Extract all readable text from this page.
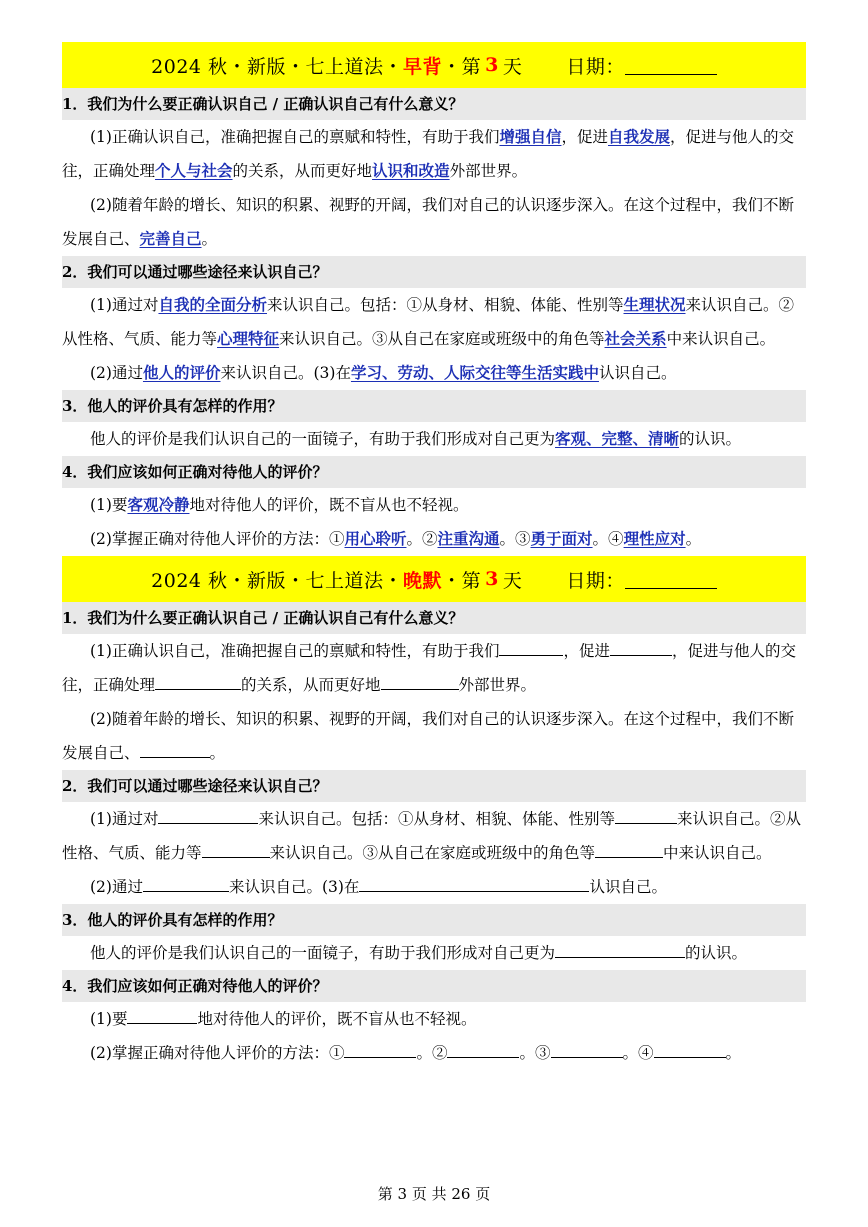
2024 秋・新版・七上道法・ 早背 ・第 3 天 日期：
1．我们为什么要正确认识自己 / 正确认识自己有什么意义？

(1)正确认识自己，准确把握自己的禀赋和特性，有助于我们增强自信，促进自我发展，促进与他人的交往，正确处理个人与社会的关系，从而更好地认识和改造外部世界。

(2)随着年龄的增长、知识的积累、视野的开阔，我们对自己的认识逐步深入。在这个过程中，我们不断发展自己、完善自己。

2．我们可以通过哪些途径来认识自己？

(1)通过对自我的全面分析来认识自己。包括：①从身材、相貌、体能、性别等生理状况来认识自己。②从性格、气质、能力等心理特征来认识自己。③从自己在家庭或班级中的角色等社会关系中来认识自己。

(2)通过他人的评价来认识自己。(3)在学习、劳动、人际交往等生活实践中认识自己。

3．他人的评价具有怎样的作用？

他人的评价是我们认识自己的一面镜子，有助于我们形成对自己更为客观、完整、清晰的认识。

4．我们应该如何正确对待他人的评价？

(1)要客观冷静地对待他人的评价，既不盲从也不轻视。

(2)掌握正确对待他人评价的方法：①用心聆听。②注重沟通。③勇于面对。④理性应对。

2024 秋・新版・七上道法・ 晚默 ・第 3 天 日期：
1．我们为什么要正确认识自己 / 正确认识自己有什么意义？

(1)正确认识自己，准确把握自己的禀赋和特性，有助于我们	，促进	，促进与他人的交往，正确处理	的关系，从而更好地	外部世界。

(2)随着年龄的增长、知识的积累、视野的开阔，我们对自己的认识逐步深入。在这个过程中，我们不断发展自己、	。

2．我们可以通过哪些途径来认识自己？

(1)通过对	来认识自己。包括：①从身材、相貌、体能、性别等	来认识自己。②从性格、气质、能力等	来认识自己。③从自己在家庭或班级中的角色等	中来认识自己。

(2)通过	来认识自己。(3)在	认识自己。

3．他人的评价具有怎样的作用？

他人的评价是我们认识自己的一面镜子，有助于我们形成对自己更为	的认识。

4．我们应该如何正确对待他人的评价？

(1)要	地对待他人的评价，既不盲从也不轻视。

(2)掌握正确对待他人评价的方法：①	。②	。③	。④	。

第 3 页 共 26 页
